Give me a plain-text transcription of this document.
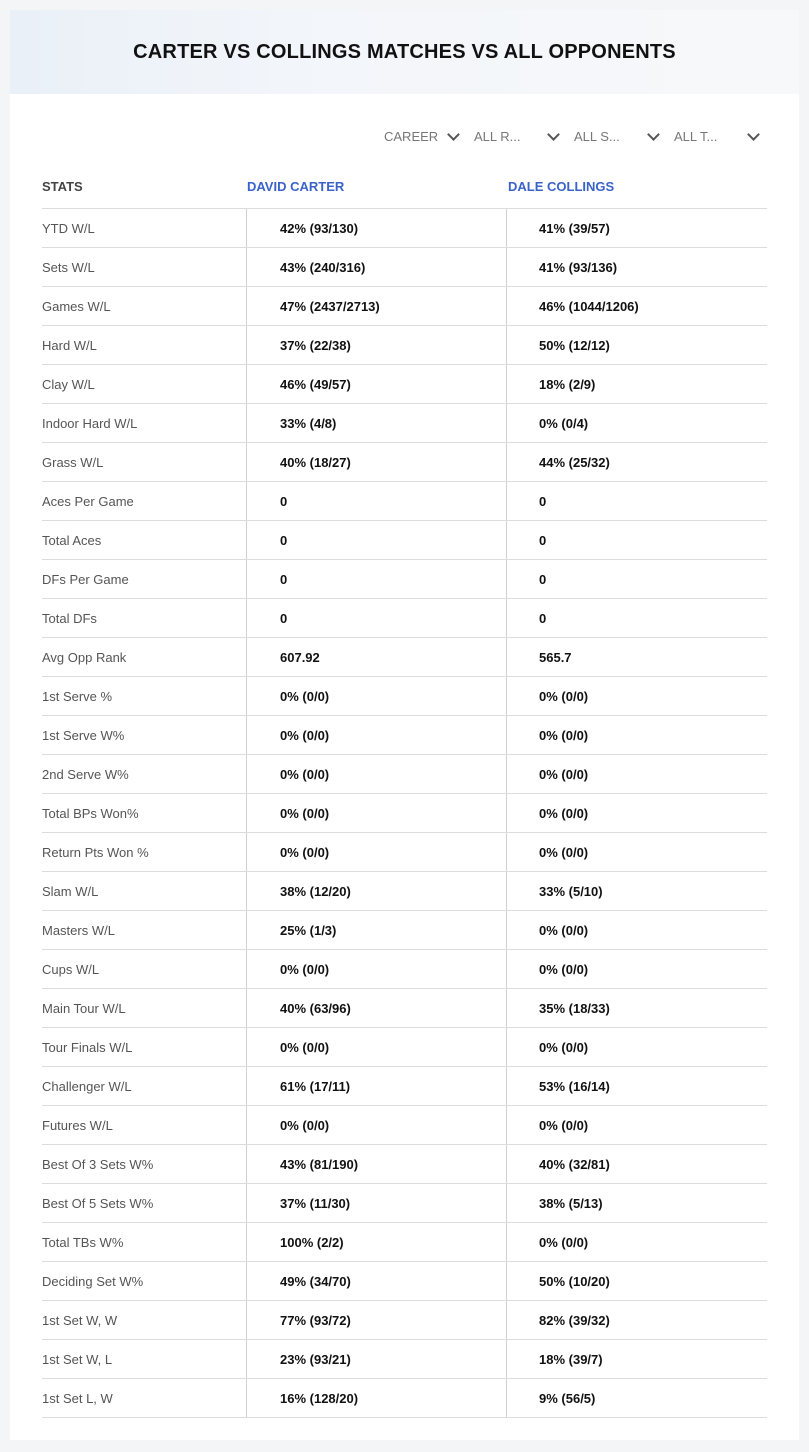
CARTER VS COLLINGS MATCHES VS ALL OPPONENTS
CAREER	ALL R...	ALL S...	ALL T...
STATS	DAVID CARTER	DALE COLLINGS
YTD W/L	42% (93/130)	41% (39/57)
Sets W/L	43% (240/316)	41% (93/136)
Games W/L	47% (2437/2713)	46% (1044/1206)
Hard W/L	37% (22/38)	50% (12/12)
Clay W/L	46% (49/57)	18% (2/9)
Indoor Hard W/L	33% (4/8)	0% (0/4)
Grass W/L	40% (18/27)	44% (25/32)
Aces Per Game	0	0
Total Aces	0	0
DFs Per Game	0	0
Total DFs	0	0
Avg Opp Rank	607.92	565.7
1st Serve %	0% (0/0)	0% (0/0)
1st Serve W%	0% (0/0)	0% (0/0)
2nd Serve W%	0% (0/0)	0% (0/0)
Total BPs Won%	0% (0/0)	0% (0/0)
Return Pts Won %	0% (0/0)	0% (0/0)
Slam W/L	38% (12/20)	33% (5/10)
Masters W/L	25% (1/3)	0% (0/0)
Cups W/L	0% (0/0)	0% (0/0)
Main Tour W/L	40% (63/96)	35% (18/33)
Tour Finals W/L	0% (0/0)	0% (0/0)
Challenger W/L	61% (17/11)	53% (16/14)
Futures W/L	0% (0/0)	0% (0/0)
Best Of 3 Sets W%	43% (81/190)	40% (32/81)
Best Of 5 Sets W%	37% (11/30)	38% (5/13)
Total TBs W%	100% (2/2)	0% (0/0)
Deciding Set W%	49% (34/70)	50% (10/20)
1st Set W, W	77% (93/72)	82% (39/32)
1st Set W, L	23% (93/21)	18% (39/7)
1st Set L, W	16% (128/20)	9% (56/5)
